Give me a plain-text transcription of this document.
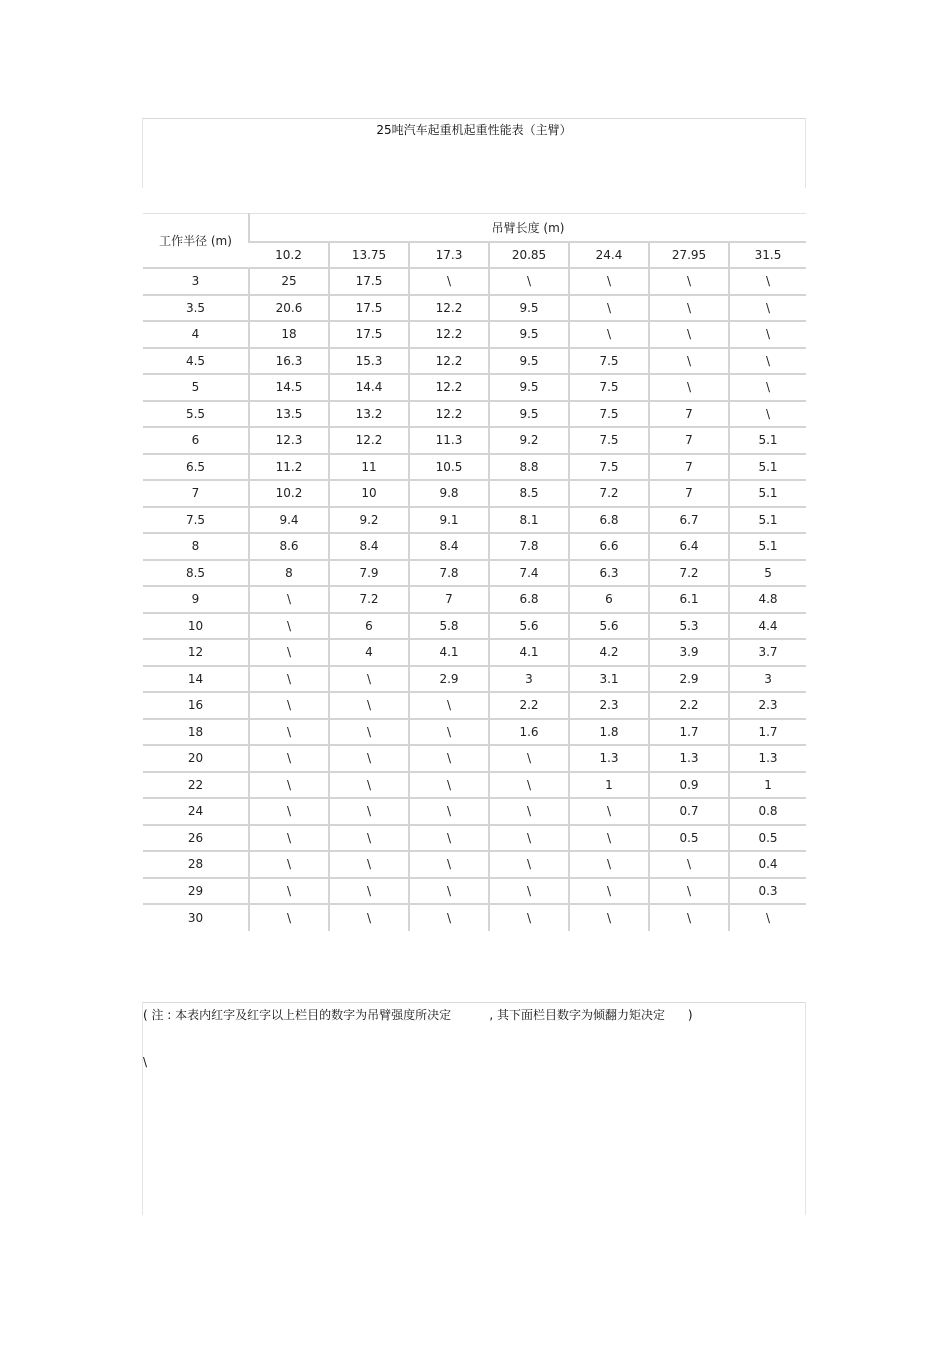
25吨汽车起重机起重性能表（主臂）
工作半径 (m)	吊臂长度 (m)						
	10.2	13.75	17.3	20.85	24.4	27.95	31.5
3	25	17.5	\	\	\	\	\
3.5	20.6	17.5	12.2	9.5	\	\	\
4	18	17.5	12.2	9.5	\	\	\
4.5	16.3	15.3	12.2	9.5	7.5	\	\
5	14.5	14.4	12.2	9.5	7.5	\	\
5.5	13.5	13.2	12.2	9.5	7.5	7	\
6	12.3	12.2	11.3	9.2	7.5	7	5.1
6.5	11.2	11	10.5	8.8	7.5	7	5.1
7	10.2	10	9.8	8.5	7.2	7	5.1
7.5	9.4	9.2	9.1	8.1	6.8	6.7	5.1
8	8.6	8.4	8.4	7.8	6.6	6.4	5.1
8.5	8	7.9	7.8	7.4	6.3	7.2	5
9	\	7.2	7	6.8	6	6.1	4.8
10	\	6	5.8	5.6	5.6	5.3	4.4
12	\	4	4.1	4.1	4.2	3.9	3.7
14	\	\	2.9	3	3.1	2.9	3
16	\	\	\	2.2	2.3	2.2	2.3
18	\	\	\	1.6	1.8	1.7	1.7
20	\	\	\	\	1.3	1.3	1.3
22	\	\	\	\	1	0.9	1
24	\	\	\	\	\	0.7	0.8
26	\	\	\	\	\	0.5	0.5
28	\	\	\	\	\	\	0.4
29	\	\	\	\	\	\	0.3
30	\	\	\	\	\	\	\
( 注 : 本表内红字及红字以上栏目的数字为吊臂强度所决定          , 其下面栏目数字为倾翻力矩决定      )
\
